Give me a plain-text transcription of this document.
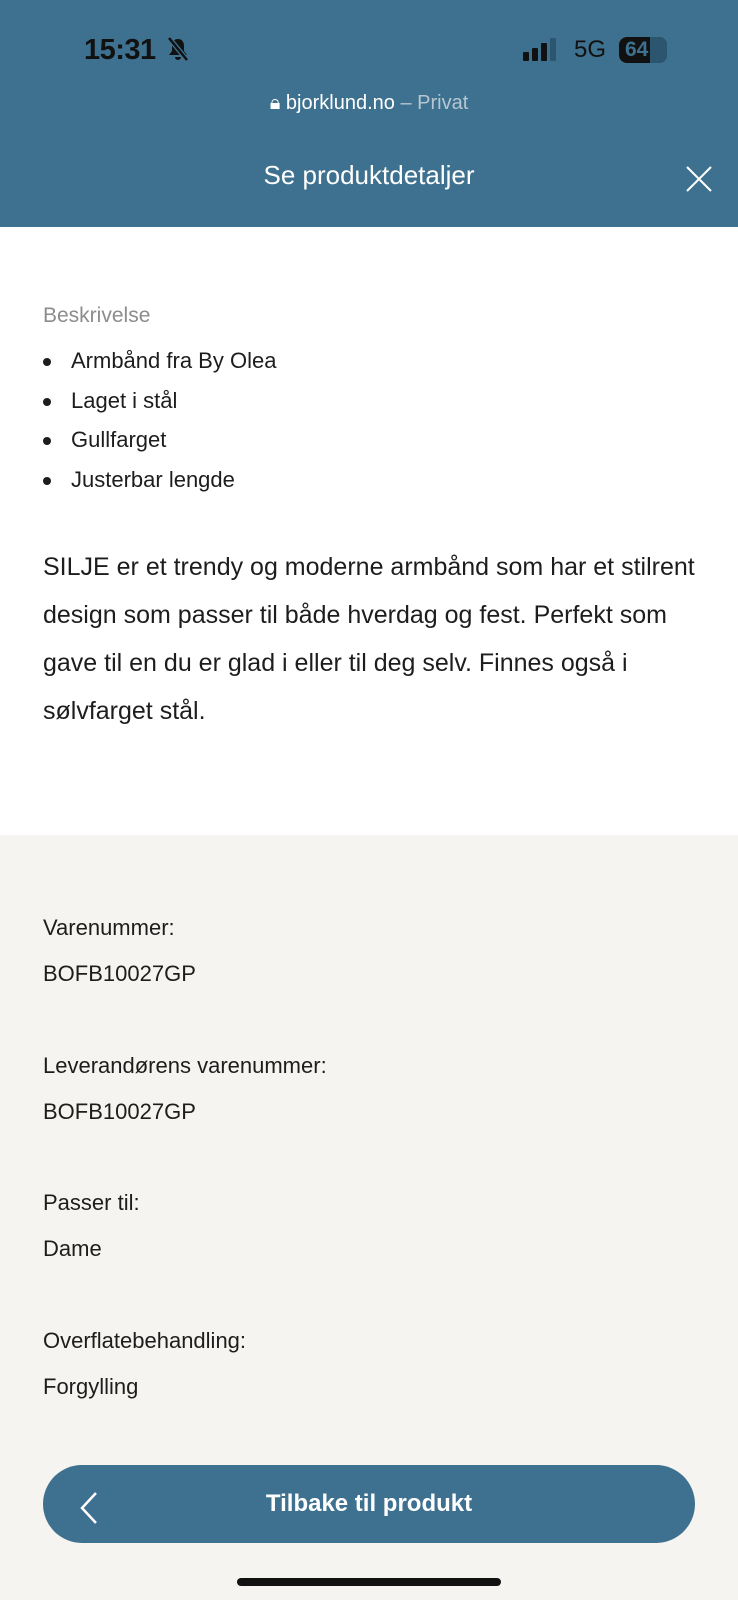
15:31	5G 64
🔒︎ bjorklund.no – Privat
Se produktdetaljer
Beskrivelse
Armbånd fra By Olea
Laget i stål
Gullfarget
Justerbar lengde
SILJE er et trendy og moderne armbånd som har et stilrent design som passer til både hverdag og fest. Perfekt som gave til en du er glad i eller til deg selv. Finnes også i sølvfarget stål.
Varenummer:
BOFB10027GP
Leverandørens varenummer:
BOFB10027GP
Passer til:
Dame
Overflatebehandling:
Forgylling
Tilbake til produkt
